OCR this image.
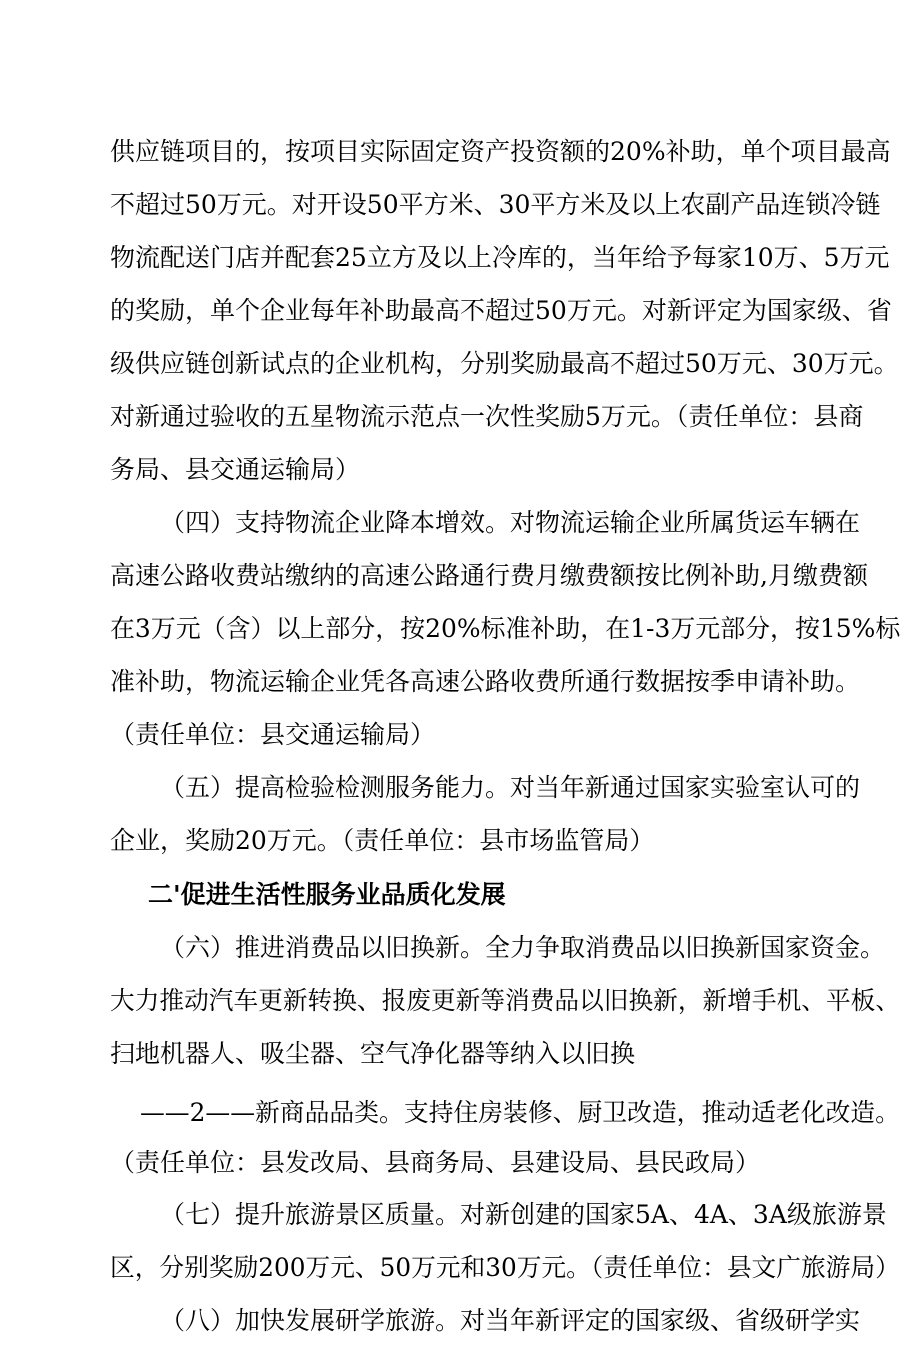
供应链项目的，按项目实际固定资产投资额的20%补助，单个项目最高
不超过50万元。对开设50平方米、30平方米及以上农副产品连锁冷链
物流配送门店并配套25立方及以上冷库的，当年给予每家10万、5万元
的奖励，单个企业每年补助最高不超过50万元。对新评定为国家级、省
级供应链创新试点的企业机构，分别奖励最高不超过50万元、30万元。
对新通过验收的五星物流示范点一次性奖励5万元。（责任单位：县商
务局、县交通运输局）
（四）支持物流企业降本增效。对物流运输企业所属货运车辆在
高速公路收费站缴纳的高速公路通行费月缴费额按比例补助,月缴费额
在3万元（含）以上部分，按20%标准补助，在1-3万元部分，按15%标
准补助，物流运输企业凭各高速公路收费所通行数据按季申请补助。
（责任单位：县交通运输局）
（五）提高检验检测服务能力。对当年新通过国家实验室认可的
企业，奖励20万元。（责任单位：县市场监管局）
二'促进生活性服务业品质化发展
（六）推进消费品以旧换新。全力争取消费品以旧换新国家资金。
大力推动汽车更新转换、报废更新等消费品以旧换新，新增手机、平板、
扫地机器人、吸尘器、空气净化器等纳入以旧换
——2——新商品品类。支持住房装修、厨卫改造，推动适老化改造。
（责任单位：县发改局、县商务局、县建设局、县民政局）
（七）提升旅游景区质量。对新创建的国家5A、4A、3A级旅游景
区，分别奖励200万元、50万元和30万元。（责任单位：县文广旅游局）
（八）加快发展研学旅游。对当年新评定的国家级、省级研学实
